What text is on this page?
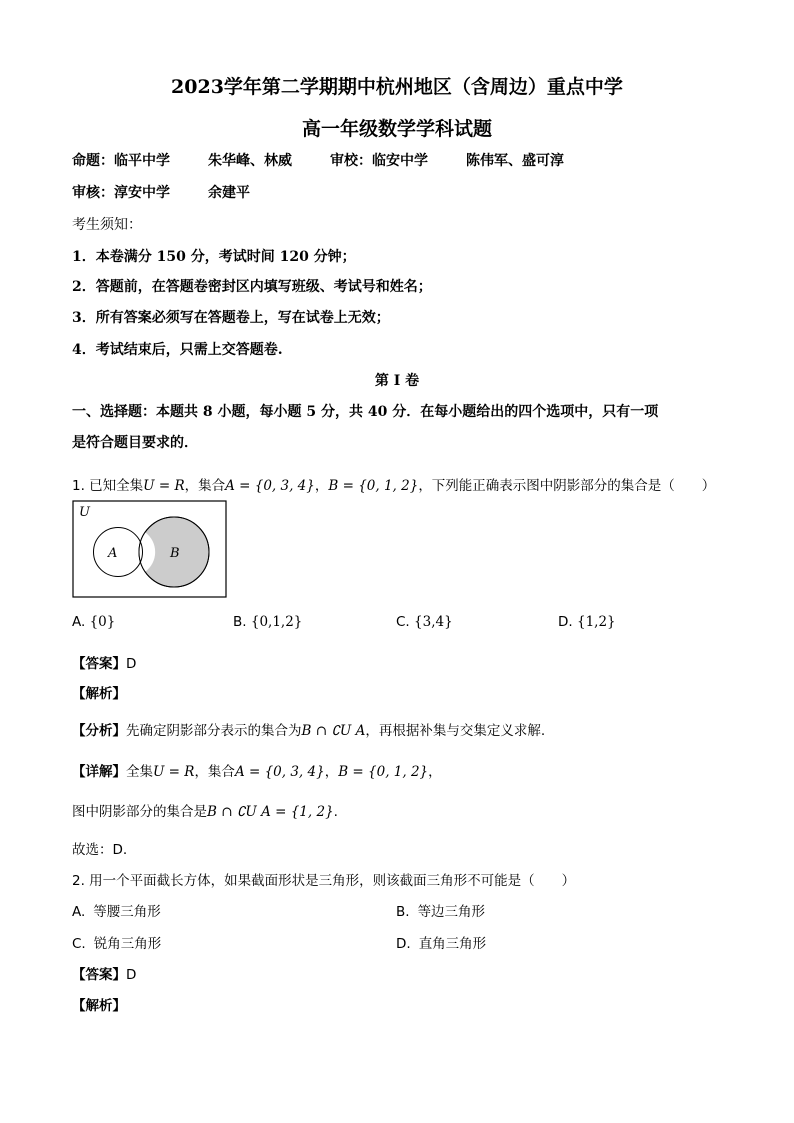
2023学年第二学期期中杭州地区（含周边）重点中学
高一年级数学学科试题
命题：临平中学	朱华峰、林威	审校：临安中学	陈伟军、盛可淳
审核：淳安中学	余建平
考生须知：
1．本卷满分 150 分，考试时间 120 分钟；
2．答题前，在答题卷密封区内填写班级、考试号和姓名；
3．所有答案必须写在答题卷上，写在试卷上无效；
4．考试结束后，只需上交答题卷.
第 I 卷
一、选择题：本题共 8 小题，每小题 5 分，共 40 分．在每小题给出的四个选项中，只有一项
是符合题目要求的．
1. 已知全集U = R，集合A = {0, 3, 4}，B = {0, 1, 2}，下列能正确表示图中阴影部分的集合是（　　）
U
A	B
A. {0}	B. {0,1,2}	C. {3,4}	D. {1,2}
【答案】D
【解析】
【分析】先确定阴影部分表示的集合为B ∩ ∁U A，再根据补集与交集定义求解.
【详解】全集U = R，集合A = {0, 3, 4}，B = {0, 1, 2}，
图中阴影部分的集合是B ∩ ∁U A = {1, 2}.
故选：D.
2. 用一个平面截长方体，如果截面形状是三角形，则该截面三角形不可能是（　　）
A. 等腰三角形	B. 等边三角形
C. 锐角三角形	D. 直角三角形
【答案】D
【解析】
